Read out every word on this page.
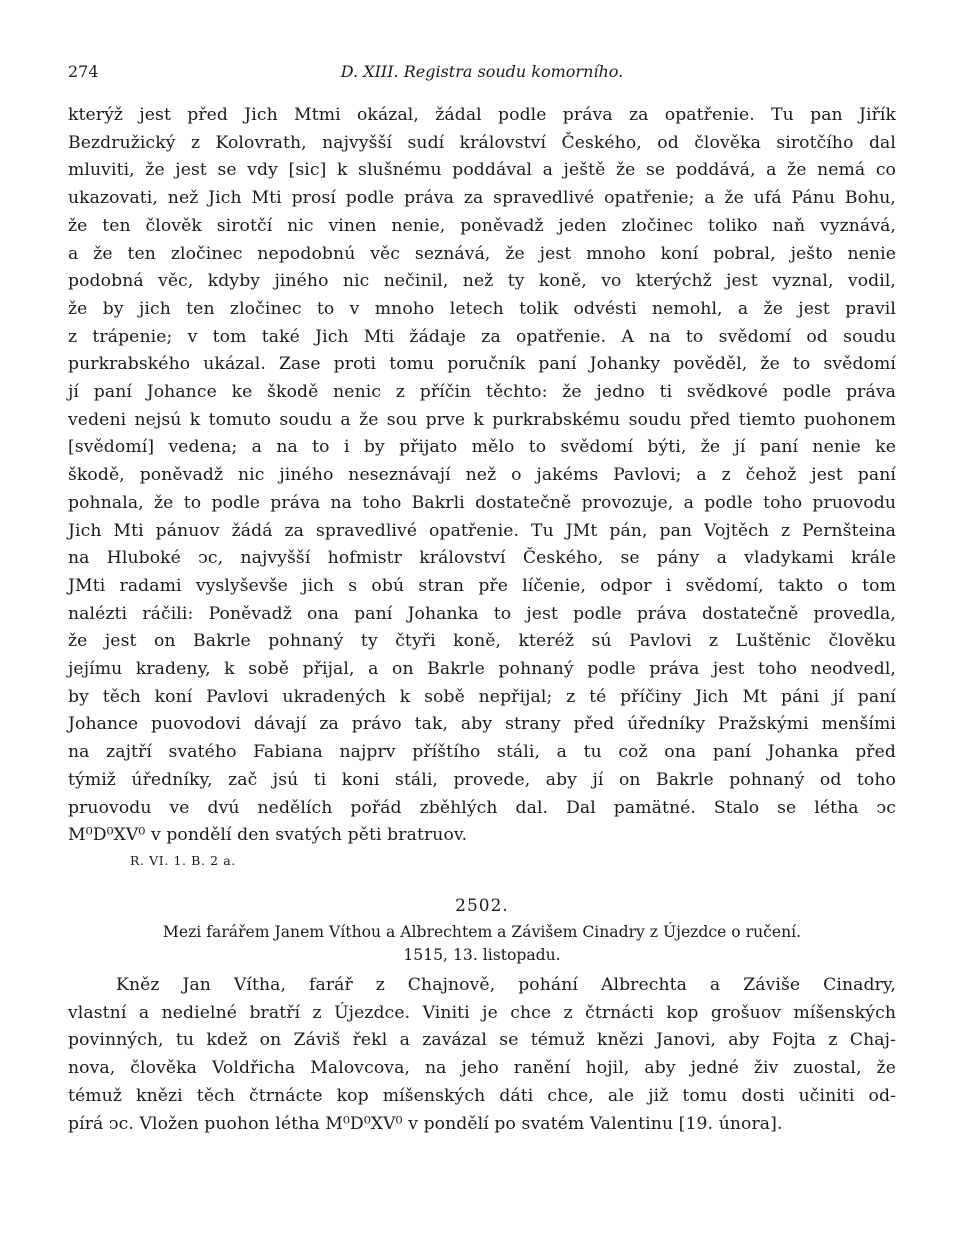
274	D. XIII. Registra soudu komorního.
kterýž jest před Jich Mtmi okázal, žádal podle práva za opatřenie. Tu pan Jiřík
Bezdružický z Kolovrath, najvyšší sudí království Českého, od člověka sirotčího dal
mluviti, že jest se vdy [sic] k slušnému poddával a ještě že se poddává, a že nemá co
ukazovati, než Jich Mti prosí podle práva za spravedlivé opatřenie; a že ufá Pánu Bohu,
že ten člověk sirotčí nic vinen nenie, poněvadž jeden zločinec toliko naň vyznává,
a že ten zločinec nepodobnú věc seznává, že jest mnoho koní pobral, ješto nenie
podobná věc, kdyby jiného nic nečinil, než ty koně, vo kterýchž jest vyznal, vodil,
že by jich ten zločinec to v mnoho letech tolik odvésti nemohl, a že jest pravil
z trápenie; v tom také Jich Mti žádaje za opatřenie. A na to svědomí od soudu
purkrabského ukázal. Zase proti tomu poručník paní Johanky pověděl, že to svědomí
jí paní Johance ke škodě nenic z příčin těchto: že jedno ti svědkové podle práva
vedeni nejsú k tomuto soudu a že sou prve k purkrabskému soudu před tiemto puohonem
[svědomí] vedena; a na to i by přijato mělo to svědomí býti, že jí paní nenie ke
škodě, poněvadž nic jiného neseznávají než o jakéms Pavlovi; a z čehož jest paní
pohnala, že to podle práva na toho Bakrli dostatečně provozuje, a podle toho pruovodu
Jich Mti pánuov žádá za spravedlivé opatřenie. Tu JMt pán, pan Vojtěch z Pernšteina
na Hluboké ͻc, najvyšší hofmistr království Českého, se pány a vladykami krále
JMti radami vyslyševše jich s obú stran pře líčenie, odpor i svědomí, takto o tom
nalézti ráčili: Poněvadž ona paní Johanka to jest podle práva dostatečně provedla,
že jest on Bakrle pohnaný ty čtyři koně, kteréž sú Pavlovi z Luštěnic člověku
jejímu kradeny, k sobě přijal, a on Bakrle pohnaný podle práva jest toho neodvedl,
by těch koní Pavlovi ukradených k sobě nepřijal; z té příčiny Jich Mt páni jí paní
Johance puovodovi dávají za právo tak, aby strany před úředníky Pražskými menšími
na zajtří svatého Fabiana najprv příštího stáli, a tu což ona paní Johanka před
týmiž úředníky, zač jsú ti koni stáli, provede, aby jí on Bakrle pohnaný od toho
pruovodu ve dvú nedělích pořád zběhlých dal. Dal pamätné. Stalo se létha ͻc
M⁰D⁰XV⁰ v pondělí den svatých pěti bratruov.
R. VI. 1. B. 2 a.
2502.
Mezi farářem Janem Víthou a Albrechtem a Závišem Cinadry z Újezdce o ručení.
1515, 13. listopadu.
Kněz Jan Vítha, farář z Chajnově, pohání Albrechta a Záviše Cinadry,
vlastní a nedielné bratří z Újezdce. Viniti je chce z čtrnácti kop grošuov míšenských
povinných, tu kdež on Záviš řekl a zavázal se témuž knězi Janovi, aby Fojta z Chaj-
nova, člověka Voldřicha Malovcova, na jeho ranění hojil, aby jedné živ zuostal, že
témuž knězi těch čtrnácte kop míšenských dáti chce, ale již tomu dosti učiniti od-
pírá ͻc. Vložen puohon létha M⁰D⁰XV⁰ v pondělí po svatém Valentinu [19. února].
